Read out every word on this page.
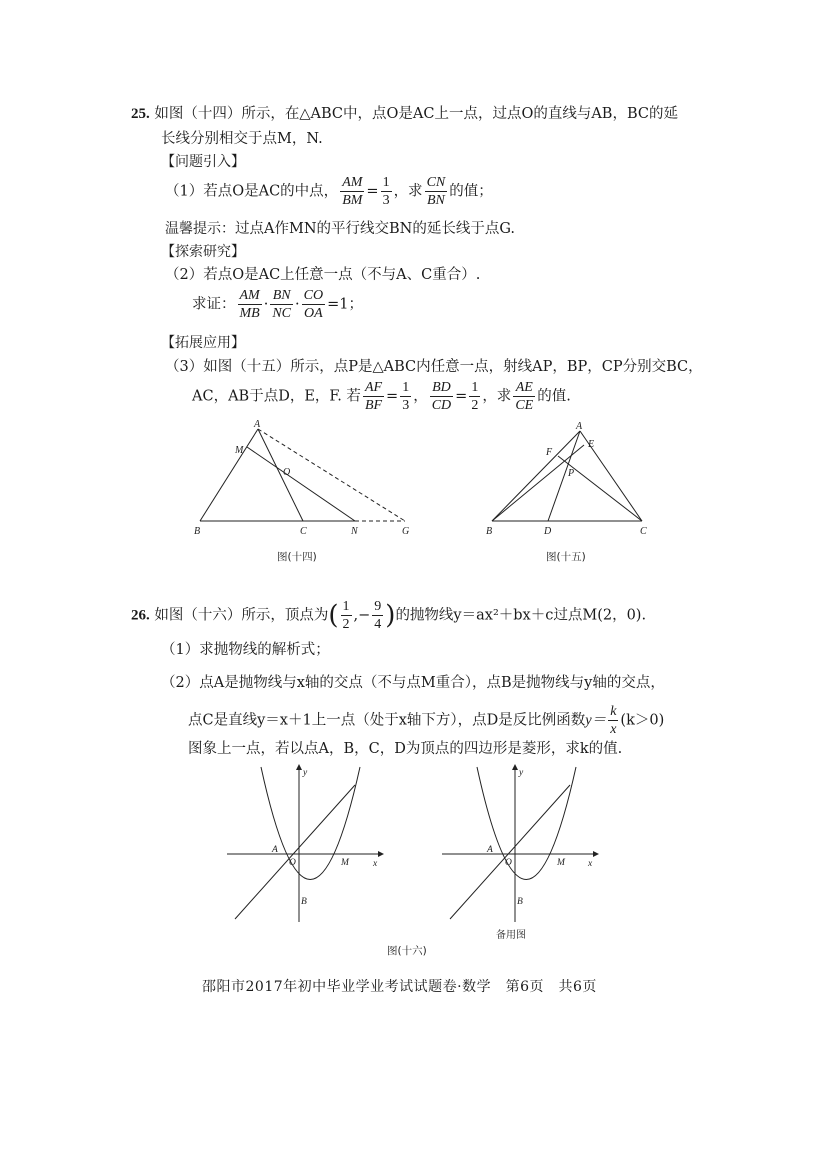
25. 如图（十四）所示，在△ABC中，点O是AC上一点，过点O的直线与AB，BC的延
长线分别相交于点M，N.
【问题引入】
（1）若点O是AC的中点， $\frac{AM}{BM} = \frac{1}{3}$ ，求 $\frac{CN}{BN}$ 的值；
温馨提示：过点A作MN的平行线交BN的延长线于点G.
【探索研究】
（2）若点O是AC上任意一点（不与A、C重合）.
求证： $\frac{AM}{MB} \cdot \frac{BN}{NC} \cdot \frac{CO}{OA} =1$；
【拓展应用】
（3）如图（十五）所示，点P是△ABC内任意一点，射线AP，BP，CP分别交BC，
AC，AB于点D，E，F. 若 $\frac{AF}{BF} = \frac{1}{3}$ ， $\frac{BD}{CD} = \frac{1}{2}$ ，求 $\frac{AE}{CE}$ 的值.
A
M
O
B	C	N	G
图(十四)
A
E
F
P
B	D	C
图(十五)
26. 如图（十六）所示，顶点为( $\frac{1}{2}$ ,− $\frac{9}{4}$ )的抛物线y＝ax²＋bx＋c过点M(2，0).
（1）求抛物线的解析式；
（2）点A是抛物线与x轴的交点（不与点M重合），点B是抛物线与y轴的交点，
点C是直线y＝x＋1上一点（处于x轴下方），点D是反比例函数$y= \frac{k}{x} (k>0)$
图象上一点，若以点A，B，C，D为顶点的四边形是菱形，求k的值.
y
A
O	M	x
B
图(十六)
y
A
O	M x
B
备用图
邵阳市2017年初中毕业学业考试试题卷·数学　第6页　共6页
